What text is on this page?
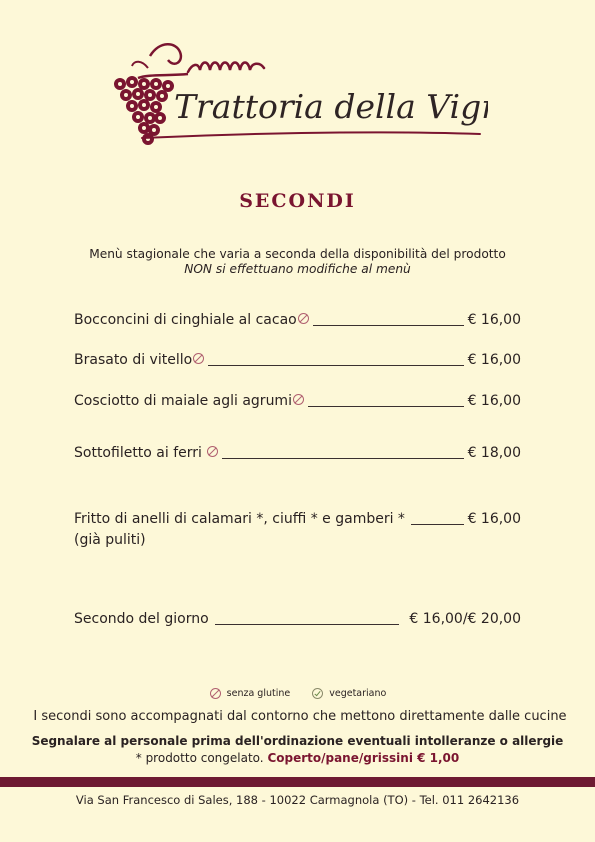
Trattoria della Vigna
SECONDI
Menù stagionale che varia a seconda della disponibilità del prodotto
NON si effettuano modifiche al menù
Bocconcini di cinghiale al cacao	€ 16,00
Brasato di vitello	€ 16,00
Cosciotto di maiale agli agrumi	€ 16,00
Sottofiletto ai ferri	€ 18,00
Fritto di anelli di calamari *, ciuffi * e gamberi *	€ 16,00
(già puliti)
Secondo del giorno	€ 16,00/€ 20,00
senza glutine	vegetariano
I secondi sono accompagnati dal contorno che mettono direttamente dalle cucine
Segnalare al personale prima dell'ordinazione eventuali intolleranze o allergie
* prodotto congelato. Coperto/pane/grissini € 1,00
Via San Francesco di Sales, 188 - 10022 Carmagnola (TO) - Tel. 011 2642136
